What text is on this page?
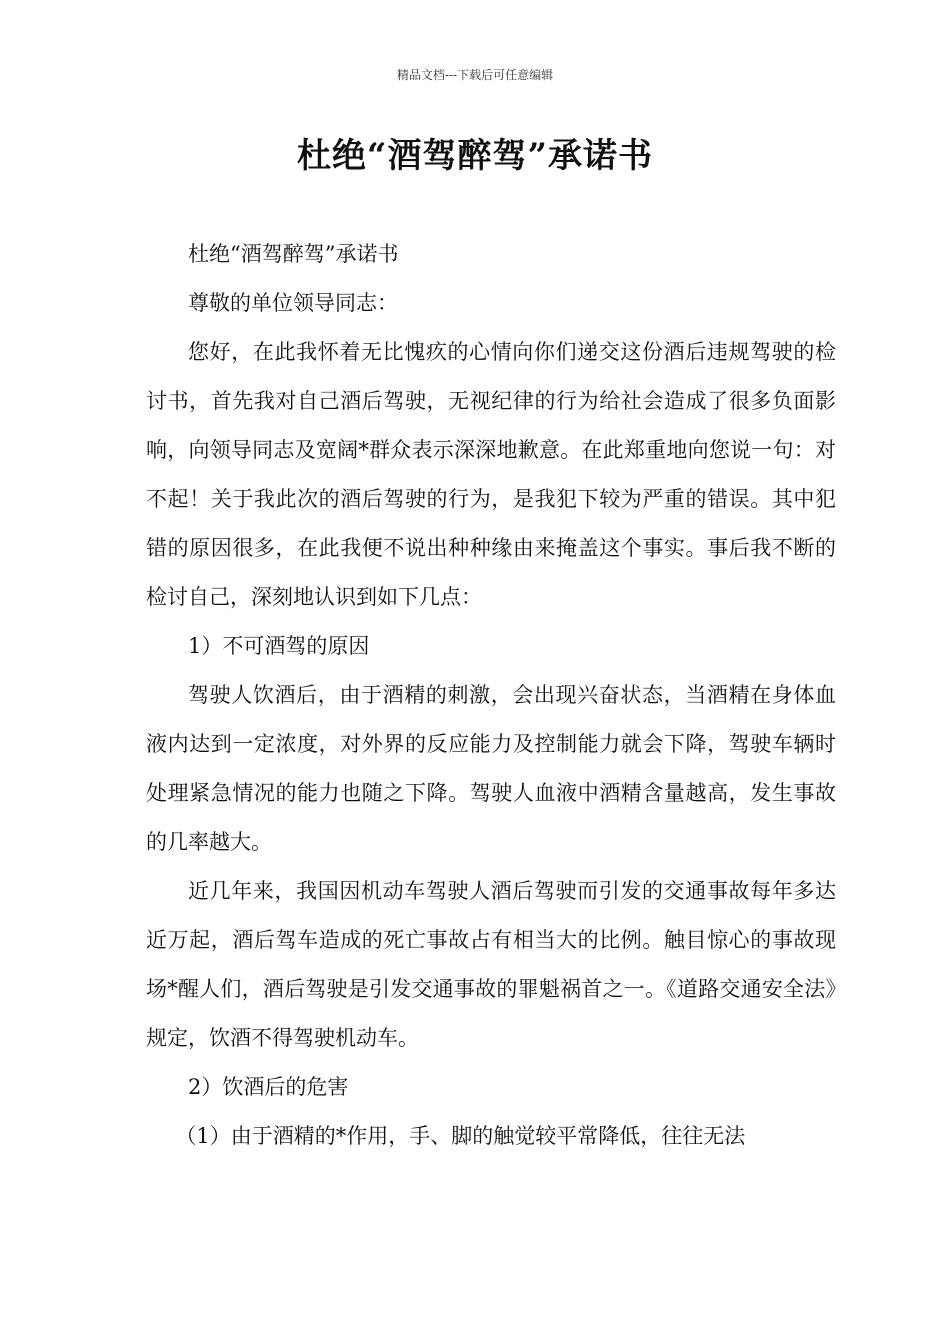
精品文档---下载后可任意编辑
杜绝“酒驾醉驾”承诺书

杜绝“酒驾醉驾”承诺书

尊敬的单位领导同志：

您好，在此我怀着无比愧疚的心情向你们递交这份酒后违规驾驶的检讨书，首先我对自己酒后驾驶，无视纪律的行为给社会造成了很多负面影响，向领导同志及宽阔*群众表示深深地歉意。在此郑重地向您说一句：对不起！关于我此次的酒后驾驶的行为，是我犯下较为严重的错误。其中犯错的原因很多，在此我便不说出种种缘由来掩盖这个事实。事后我不断的检讨自己，深刻地认识到如下几点：

1）不可酒驾的原因

驾驶人饮酒后，由于酒精的刺激，会出现兴奋状态，当酒精在身体血液内达到一定浓度，对外界的反应能力及控制能力就会下降，驾驶车辆时处理紧急情况的能力也随之下降。驾驶人血液中酒精含量越高，发生事故的几率越大。

近几年来，我国因机动车驾驶人酒后驾驶而引发的交通事故每年多达近万起，酒后驾车造成的死亡事故占有相当大的比例。触目惊心的事故现场*醒人们，酒后驾驶是引发交通事故的罪魁祸首之一。《道路交通安全法》规定，饮酒不得驾驶机动车。

2）饮酒后的危害

（1）由于酒精的*作用，手、脚的触觉较平常降低，往往无法
